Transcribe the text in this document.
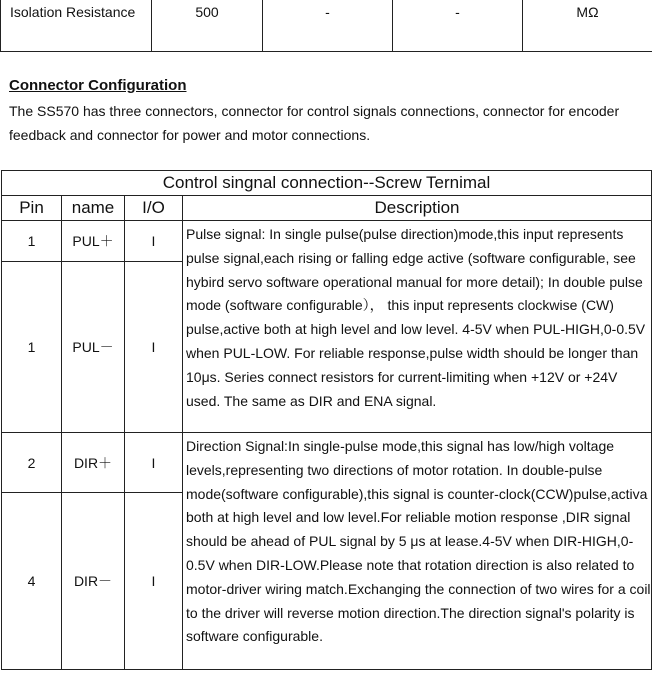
Isolation Resistance	500	-	-	MΩ
Connector Configuration

The SS570 has three connectors, connector for control signals connections, connector for encoder feedback and connector for power and motor connections.

Control singnal connection--Screw Ternimal			
Pin	name	I/O	Description
1	PUL＋	I	Pulse signal: In single pulse(pulse direction)mode,this input represents pulse signal,each rising or falling edge active (software configurable, see hybird servo software operational manual for more detail); In double pulse mode (software configurable）， this input represents clockwise (CW) pulse,active both at high level and low level. 4-5V when PUL-HIGH,0-0.5V when PUL-LOW. For reliable response,pulse width should be longer than 10μs. Series connect resistors for current-limiting when +12V or +24V used. The same as DIR and ENA signal.
1	PUL－	I	
2	DIR＋	I	Direction Signal:In single-pulse mode,this signal has low/high voltage levels,representing two directions of motor rotation. In double-pulse mode(software configurable),this signal is counter-clock(CCW)pulse,activa both at high level and low level.For reliable motion response ,DIR signal should be ahead of PUL signal by 5 μs at lease.4-5V when DIR-HIGH,0-0.5V when DIR-LOW.Please note that rotation direction is also related to motor-driver wiring match.Exchanging the connection of two wires for a coil to the driver will reverse motion direction.The direction signal's polarity is software configurable.
4	DIR－	I	
